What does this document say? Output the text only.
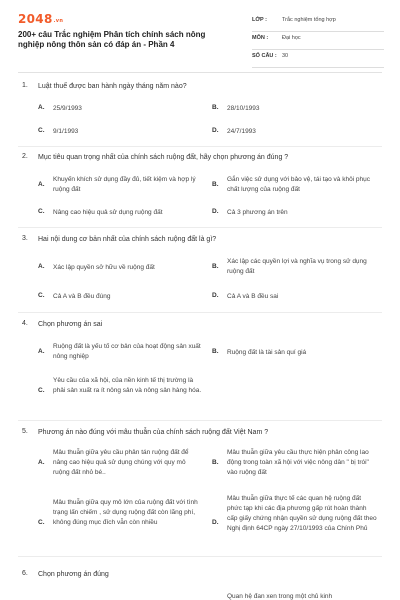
2048.vn
200+ câu Trắc nghiệm Phân tích chính sách nông nghiệp nông thôn sản có đáp án - Phần 4
LỚP :	Trắc nghiệm tổng hợp
MÔN :	Đại học
SỐ CÂU : 30
1. Luật thuế được ban hành ngày tháng năm nào?
A. 25/9/1993	B. 28/10/1993
C. 9/1/1993	D. 24/7/1993
2. Mục tiêu quan trọng nhất của chính sách ruộng đất, hãy chọn phương án đúng ?
A.
Khuyến khích sử dụng đầy đủ, tiết kiệm và hợp lý ruộng đất
B.
Gắn việc sử dụng với bảo vệ, tái tạo và khôi phục chất lượng của ruộng đất
C. Nâng cao hiệu quả sử dụng ruộng đất	D. Cả 3 phương án trên
3. Hai nội dung cơ bản nhất của chính sách ruộng đất là gì?
A. Xác lập quyền sở hữu về ruộng đất	B.
Xác lập các quyền lợi và nghĩa vụ trong sử dụng ruộng đất
C. Cả A và B đều đúng	D. Cả A và B đều sai
4. Chọn phương án sai
A.
Ruộng đất là yếu tố cơ bản của hoạt động sản xuất nông nghiệp
B. Ruộng đất là tài sản quí giá
C.
Yêu cầu của xã hội, của nền kinh tế thị trường là phải sản xuất ra ít nông sản và nông sản hàng hóa.
5. Phương án nào đúng với mâu thuẫn của chính sách ruộng đất Việt Nam ?
A.
Mâu thuẫn giữa yêu cầu phân tán ruộng đất để nâng cao hiệu quả sử dụng chúng với quy mô ruộng đất nhỏ bé..
B.
Mâu thuẫn giữa yêu cầu thực hiện phân công lao động trong toàn xã hội với việc nông dân " bị trói" vào ruộng đất
C.
Mâu thuẫn giữa quy mô lớn của ruộng đất với tình trạng lấn chiếm , sử dụng ruộng đất còn lãng phí, không đúng mục đích vẫn còn nhiều	D.
Mâu thuẫn giữa thực tế các quan hệ ruộng đất phức tạp khi các địa phương gấp rút hoàn thành cấp giấy chứng nhận quyền sử dụng ruộng đất theo Nghị định 64CP ngày 27/10/1993 của Chính Phủ
6. Chọn phương án đúng
Quan hệ đan xen trong một chủ kinh
